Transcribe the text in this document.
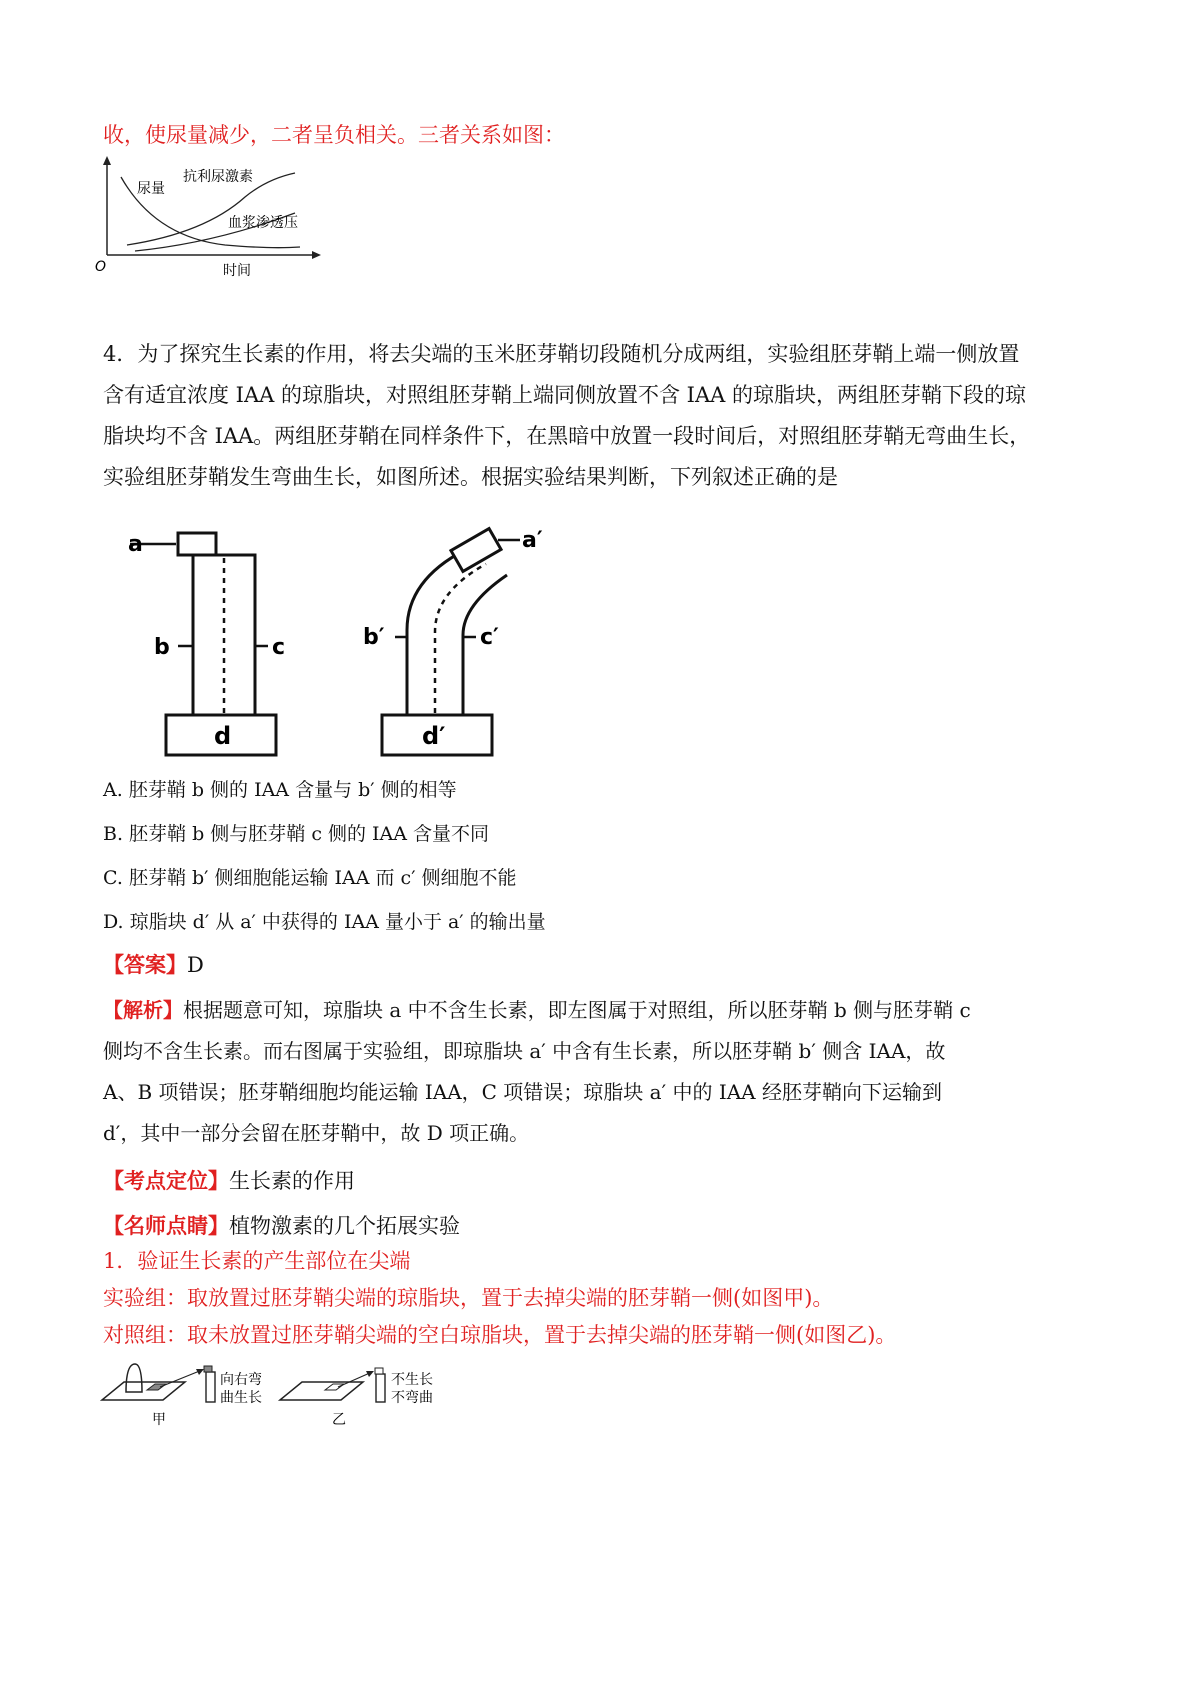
收，使尿量减少，二者呈负相关。三者关系如图：
O	时间
尿量
抗利尿激素
血浆渗透压
4．为了探究生长素的作用，将去尖端的玉米胚芽鞘切段随机分成两组，实验组胚芽鞘上端一侧放置含有适宜浓度 IAA 的琼脂块，对照组胚芽鞘上端同侧放置不含 IAA 的琼脂块，两组胚芽鞘下段的琼脂块均不含 IAA。两组胚芽鞘在同样条件下，在黑暗中放置一段时间后，对照组胚芽鞘无弯曲生长，实验组胚芽鞘发生弯曲生长，如图所述。根据实验结果判断，下列叙述正确的是
a
b	c
d
a′
b′	c′
d′
A. 胚芽鞘 b 侧的 IAA 含量与 b′ 侧的相等
B. 胚芽鞘 b 侧与胚芽鞘 c 侧的 IAA 含量不同
C. 胚芽鞘 b′ 侧细胞能运输 IAA 而 c′ 侧细胞不能
D. 琼脂块 d′ 从 a′ 中获得的 IAA 量小于 a′ 的输出量
【答案】D
【解析】根据题意可知，琼脂块 a 中不含生长素，即左图属于对照组，所以胚芽鞘 b 侧与胚芽鞘 c 侧均不含生长素。而右图属于实验组，即琼脂块 a′ 中含有生长素，所以胚芽鞘 b′ 侧含 IAA，故 A、B 项错误；胚芽鞘细胞均能运输 IAA，C 项错误；琼脂块 a′ 中的 IAA 经胚芽鞘向下运输到 d′，其中一部分会留在胚芽鞘中，故 D 项正确。
【考点定位】生长素的作用
【名师点睛】植物激素的几个拓展实验
1．验证生长素的产生部位在尖端
实验组：取放置过胚芽鞘尖端的琼脂块，置于去掉尖端的胚芽鞘一侧(如图甲)。
对照组：取未放置过胚芽鞘尖端的空白琼脂块，置于去掉尖端的胚芽鞘一侧(如图乙)。
向右弯
曲生长
甲
不生长
不弯曲
乙
